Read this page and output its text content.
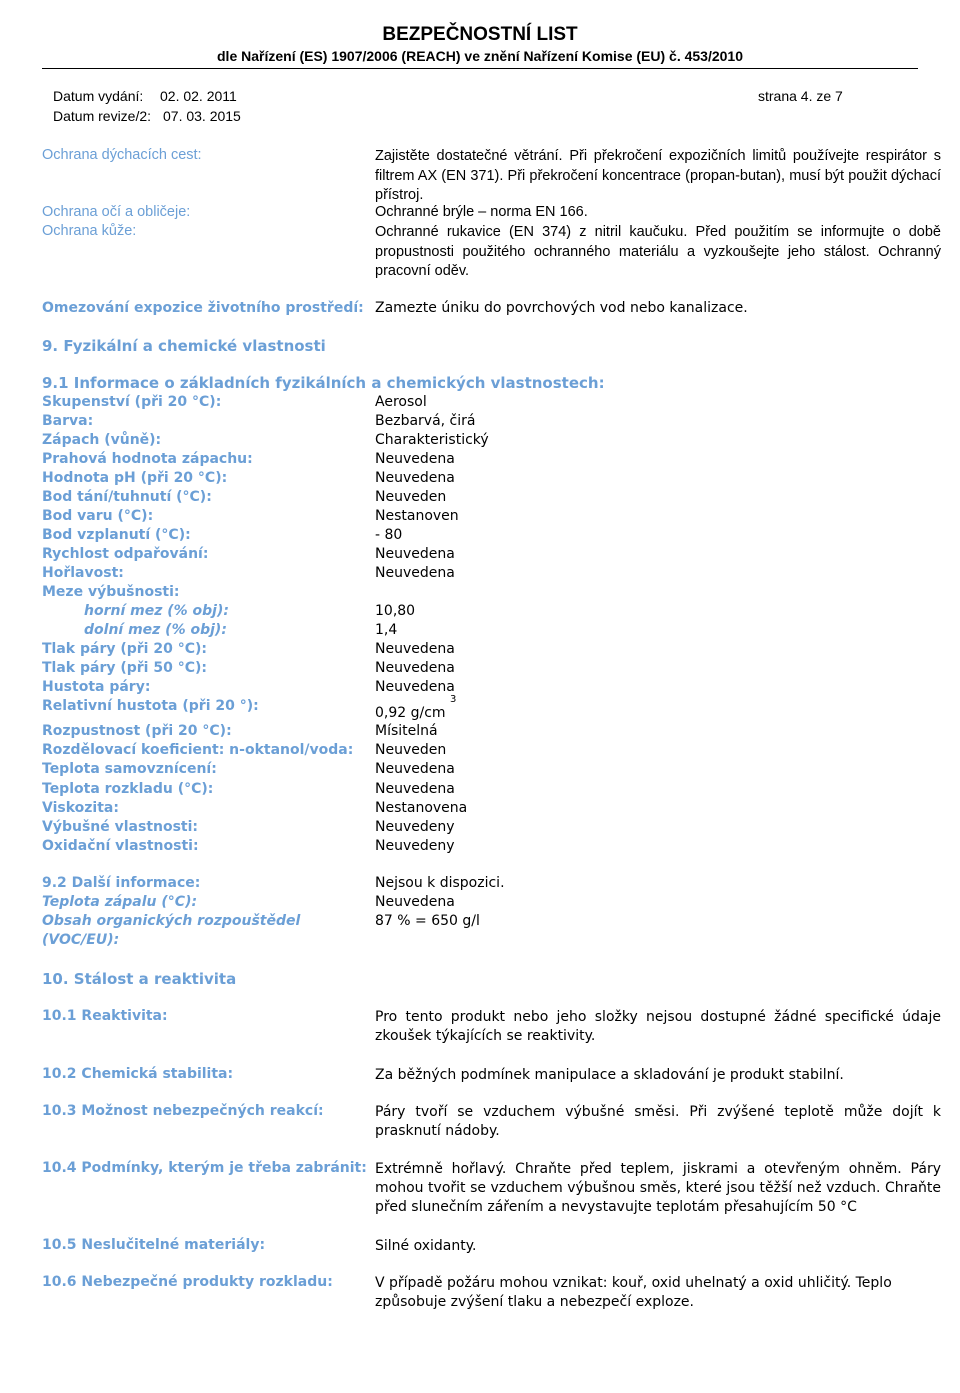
BEZPEČNOSTNÍ LIST
dle Nařízení (ES) 1907/2006 (REACH) ve znění Nařízení Komise (EU) č. 453/2010
Datum vydání: 02. 02. 2011
Datum revize/2: 07. 03. 2015
strana 4. ze 7
Ochrana dýchacích cest:	Zajistěte dostatečné větrání. Při překročení expozičních limitů používejte respirátor s filtrem AX (EN 371). Při překročení koncentrace (propan-butan), musí být použit dýchací přístroj.
Ochrana očí a obličeje:	Ochranné brýle – norma EN 166.
Ochrana kůže:	Ochranné rukavice (EN 374) z nitril kaučuku. Před použitím se informujte o době propustnosti použitého ochranného materiálu a vyzkoušejte jeho stálost. Ochranný pracovní oděv.
Omezování expozice životního prostředí: Zamezte úniku do povrchových vod nebo kanalizace.
9. Fyzikální a chemické vlastnosti
9.1 Informace o základních fyzikálních a chemických vlastnostech:
Skupenství (při 20 °C):	Aerosol
Barva:	Bezbarvá, čirá
Zápach (vůně):	Charakteristický
Prahová hodnota zápachu:	Neuvedena
Hodnota pH (při 20 °C):	Neuvedena
Bod tání/tuhnutí (°C):	Neuveden
Bod varu (°C):	Nestanoven
Bod vzplanutí (°C):	- 80
Rychlost odpařování:	Neuvedena
Hořlavost:	Neuvedena
Meze výbušnosti:
horní mez (% obj):	10,80
dolní mez (% obj):	1,4
Tlak páry (při 20 °C):	Neuvedena
Tlak páry (při 50 °C):	Neuvedena
Hustota páry:	Neuvedena
Relativní hustota (při 20 °):	0,92 g/cm
3
Rozpustnost (při 20 °C):	Mísitelná
Rozdělovací koeficient: n-oktanol/voda: Neuveden
Teplota samovznícení:	Neuvedena
Teplota rozkladu (°C):	Neuvedena
Viskozita:	Nestanovena
Výbušné vlastnosti:	Neuvedeny
Oxidační vlastnosti:	Neuvedeny
9.2 Další informace:	Nejsou k dispozici.
Teplota zápalu (°C):	Neuvedena
Obsah organických rozpouštědel
(VOC/EU):
87 % = 650 g/l
10. Stálost a reaktivita
10.1 Reaktivita:	Pro tento produkt nebo jeho složky nejsou dostupné žádné specifické údaje zkoušek týkajících se reaktivity.
10.2 Chemická stabilita:	Za běžných podmínek manipulace a skladování je produkt stabilní.
10.3 Možnost nebezpečných reakcí:	Páry tvoří se vzduchem výbušné směsi. Při zvýšené teplotě může dojít k prasknutí nádoby.
10.4 Podmínky, kterým je třeba zabránit: Extrémně hořlavý. Chraňte před teplem, jiskrami a otevřeným ohněm. Páry mohou tvořit se vzduchem výbušnou směs, které jsou těžší než vzduch. Chraňte před slunečním zářením a nevystavujte teplotám přesahujícím 50 °C
10.5 Neslučitelné materiály:	Silné oxidanty.
10.6 Nebezpečné produkty rozkladu:	V případě požáru mohou vznikat: kouř, oxid uhelnatý a oxid uhličitý. Teplo způsobuje zvýšení tlaku a nebezpečí exploze.
